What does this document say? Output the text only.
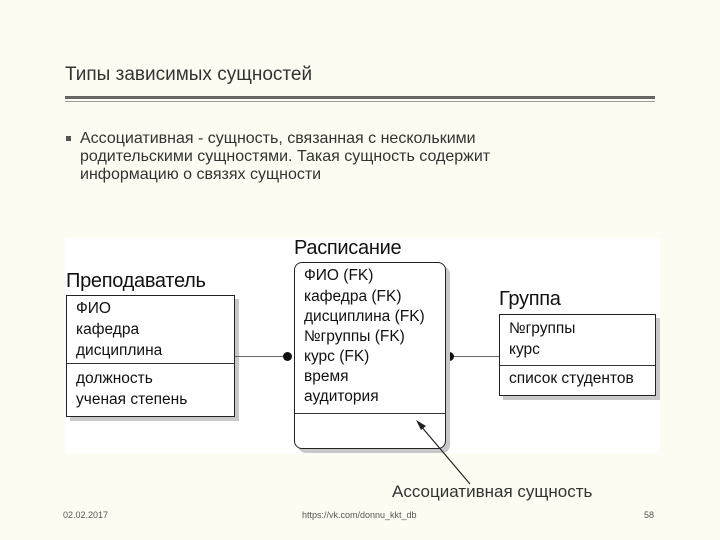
Типы зависимых сущностей
Ассоциативная - сущность, связанная с несколькими
родительскими сущностями. Такая сущность содержит
информацию о связях сущности
Преподаватель
ФИО
кафедра
дисциплина
должность
ученая степень
Расписание
ФИО (FK)
кафедра (FK)
дисциплина (FK)
№группы (FK)
курс (FK)
время
аудитория
Группа
№группы
курс
список студентов
Ассоциативная сущность
02.02.2017	https://vk.com/donnu_kkt_db	58
